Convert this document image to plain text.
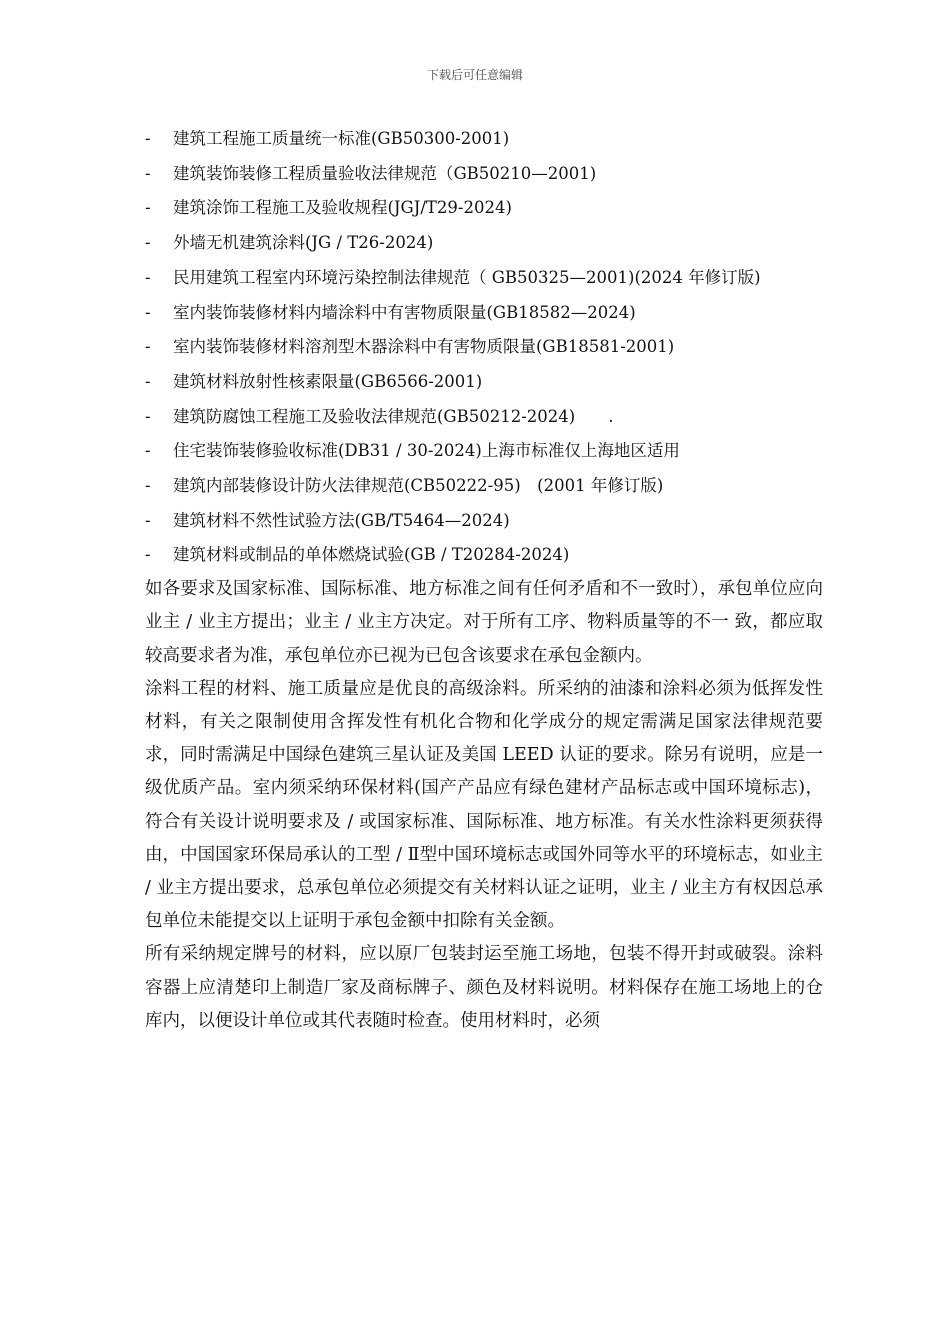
下载后可任意编辑
- 建筑工程施工质量统一标准(GB50300-2001)
- 建筑装饰装修工程质量验收法律规范（GB50210—2001)
- 建筑涂饰工程施工及验收规程(JGJ/T29-2024)
- 外墙无机建筑涂料(JG / T26-2024)
- 民用建筑工程室内环境污染控制法律规范（ GB50325—2001)(2024 年修订版)
- 室内装饰装修材料内墙涂料中有害物质限量(GB18582—2024)
- 室内装饰装修材料溶剂型木器涂料中有害物质限量(GB18581-2001)
- 建筑材料放射性核素限量(GB6566-2001)
- 建筑防腐蚀工程施工及验收法律规范(GB50212-2024)　　.
- 住宅装饰装修验收标准(DB31 / 30-2024)上海市标准仅上海地区适用
- 建筑内部装修设计防火法律规范(CB50222-95)　(2001 年修订版)
- 建筑材料不然性试验方法(GB/T5464—2024)
- 建筑材料或制品的单体燃烧试验(GB / T20284-2024)

如各要求及国家标准、国际标准、地方标准之间有任何矛盾和不一致时），承包单位应向业主 / 业主方提出；业主 / 业主方决定。对于所有工序、物料质量等的不一 致，都应取较高要求者为准，承包单位亦已视为已包含该要求在承包金额内。

涂料工程的材料、施工质量应是优良的高级涂料。所采纳的油漆和涂料必须为低挥发性材料，有关之限制使用含挥发性有机化合物和化学成分的规定需满足国家法律规范要求，同时需满足中国绿色建筑三星认证及美国 LEED 认证的要求。除另有说明，应是一级优质产品。室内须采纳环保材料(国产产品应有绿色建材产品标志或中国环境标志)，符合有关设计说明要求及 / 或国家标准、国际标准、地方标准。有关水性涂料更须获得由，中国国家环保局承认的工型 / Ⅱ型中国环境标志或国外同等水平的环境标志，如业主 / 业主方提出要求，总承包单位必须提交有关材料认证之证明，业主 / 业主方有权因总承包单位未能提交以上证明于承包金额中扣除有关金额。

所有采纳规定牌号的材料，应以原厂包装封运至施工场地，包装不得开封或破裂。涂料容器上应清楚印上制造厂家及商标牌子、颜色及材料说明。材料保存在施工场地上的仓库内，以便设计单位或其代表随时检查。使用材料时，必须
